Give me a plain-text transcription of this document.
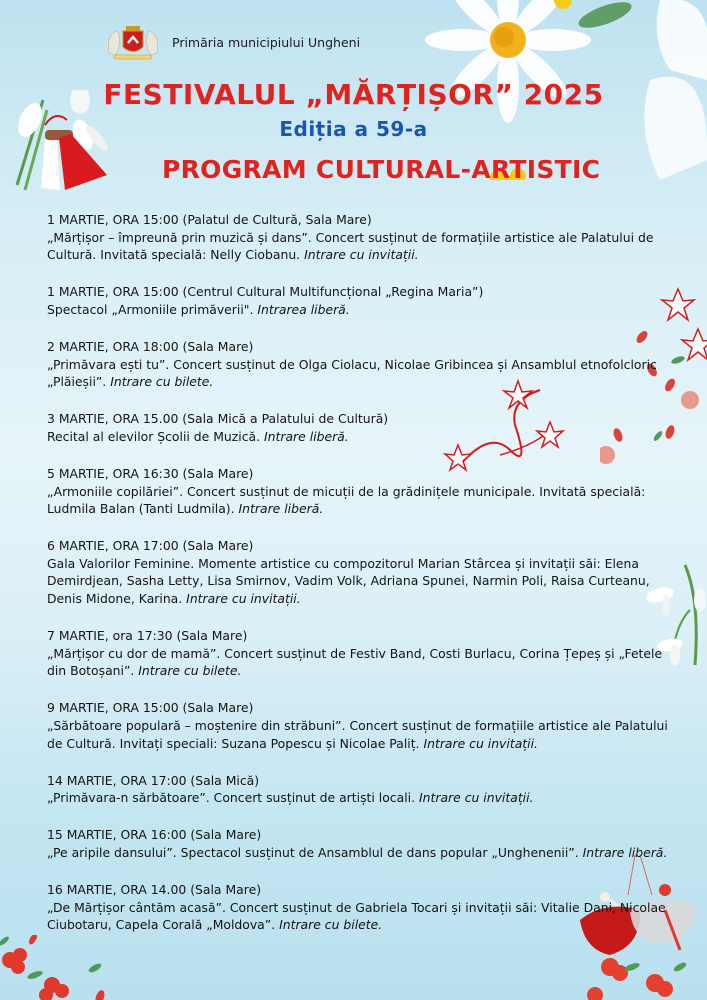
Primăria municipiului Ungheni
FESTIVALUL „MĂRȚIȘOR” 2025
Ediția a 59-a
PROGRAM CULTURAL-ARTISTIC
1 MARTIE, ORA 15:00 (Palatul de Cultură, Sala Mare)
„Mărțișor – împreună prin muzică și dans”. Concert susținut de formațiile artistice ale Palatului de Cultură. Invitată specială: Nelly Ciobanu. Intrare cu invitații.
1 MARTIE, ORA 15:00 (Centrul Cultural Multifuncțional „Regina Maria”)
Spectacol „Armoniile primăverii". Intrarea liberă.
2 MARTIE, ORA 18:00 (Sala Mare)
„Primăvara ești tu”. Concert susținut de Olga Ciolacu, Nicolae Gribincea și Ansamblul etnofolcloric „Plăieșii”. Intrare cu bilete.
3 MARTIE, ORA 15.00 (Sala Mică a Palatului de Cultură)
Recital al elevilor Școlii de Muzică. Intrare liberă.
5 MARTIE, ORA 16:30 (Sala Mare)
„Armoniile copilăriei”. Concert susținut de micuții de la grădinițele municipale. Invitată specială: Ludmila Balan (Tanti Ludmila). Intrare liberă.
6 MARTIE, ORA 17:00 (Sala Mare)
Gala Valorilor Feminine. Momente artistice cu compozitorul Marian Stârcea și invitații săi: Elena Demirdjean, Sasha Letty, Lisa Smirnov, Vadim Volk, Adriana Spunei, Narmin Poli, Raisa Curteanu, Denis Midone, Karina. Intrare cu invitații.
7 MARTIE, ora 17:30 (Sala Mare)
„Mărțișor cu dor de mamă”. Concert susținut de Festiv Band, Costi Burlacu, Corina Țepeș și „Fetele din Botoșani”. Intrare cu bilete.
9 MARTIE, ORA 15:00 (Sala Mare)
„Sărbătoare populară – moștenire din străbuni”. Concert susținut de formațiile artistice ale Palatului de Cultură. Invitați speciali: Suzana Popescu și Nicolae Paliț. Intrare cu invitații.
14 MARTIE, ORA 17:00 (Sala Mică)
„Primăvara-n sărbătoare”. Concert susținut de artiști locali. Intrare cu invitații.
15 MARTIE, ORA 16:00 (Sala Mare)
„Pe aripile dansului”. Spectacol susținut de Ansamblul de dans popular „Unghenenii”. Intrare liberă.
16 MARTIE, ORA 14.00 (Sala Mare)
„De Mărțișor cântăm acasă”. Concert susținut de Gabriela Tocari și invitații săi: Vitalie Dani, Nicolae Ciubotaru, Capela Corală „Moldova”. Intrare cu bilete.
